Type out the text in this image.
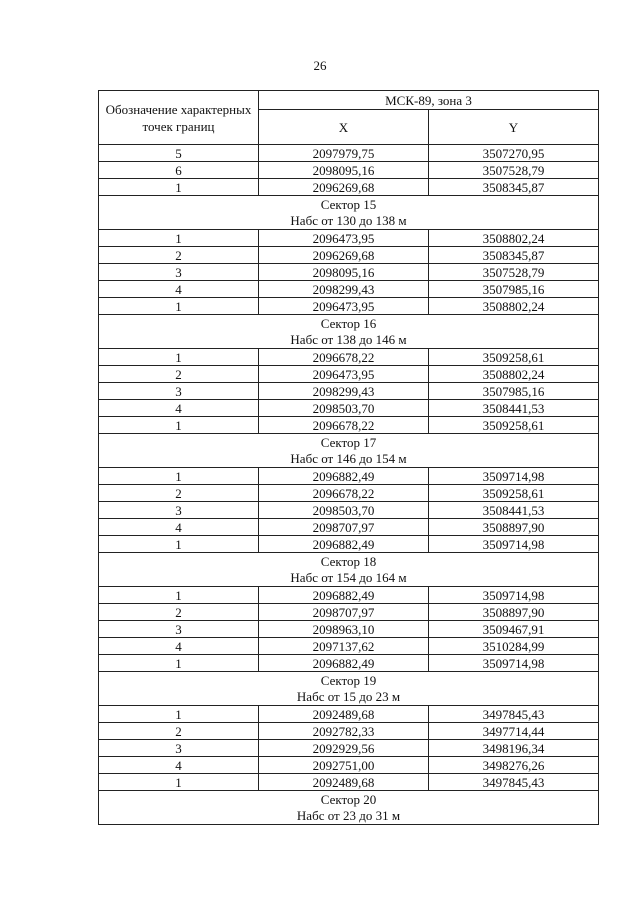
26
Обозначение характерных точек границ	МСК-89, зона 3	
	X	Y
5	2097979,75	3507270,95
6	2098095,16	3507528,79
1	2096269,68	3508345,87

Сектор 15
Набс от 130 до 138 м		

1	2096473,95	3508802,24
2	2096269,68	3508345,87
3	2098095,16	3507528,79
4	2098299,43	3507985,16
1	2096473,95	3508802,24

Сектор 16
Набс от 138 до 146 м		

1	2096678,22	3509258,61
2	2096473,95	3508802,24
3	2098299,43	3507985,16
4	2098503,70	3508441,53
1	2096678,22	3509258,61

Сектор 17
Набс от 146 до 154 м		

1	2096882,49	3509714,98
2	2096678,22	3509258,61
3	2098503,70	3508441,53
4	2098707,97	3508897,90
1	2096882,49	3509714,98

Сектор 18
Набс от 154 до 164 м		

1	2096882,49	3509714,98
2	2098707,97	3508897,90
3	2098963,10	3509467,91
4	2097137,62	3510284,99
1	2096882,49	3509714,98

Сектор 19
Набс от 15 до 23 м		

1	2092489,68	3497845,43
2	2092782,33	3497714,44
3	2092929,56	3498196,34
4	2092751,00	3498276,26
1	2092489,68	3497845,43

Сектор 20
Набс от 23 до 31 м		
